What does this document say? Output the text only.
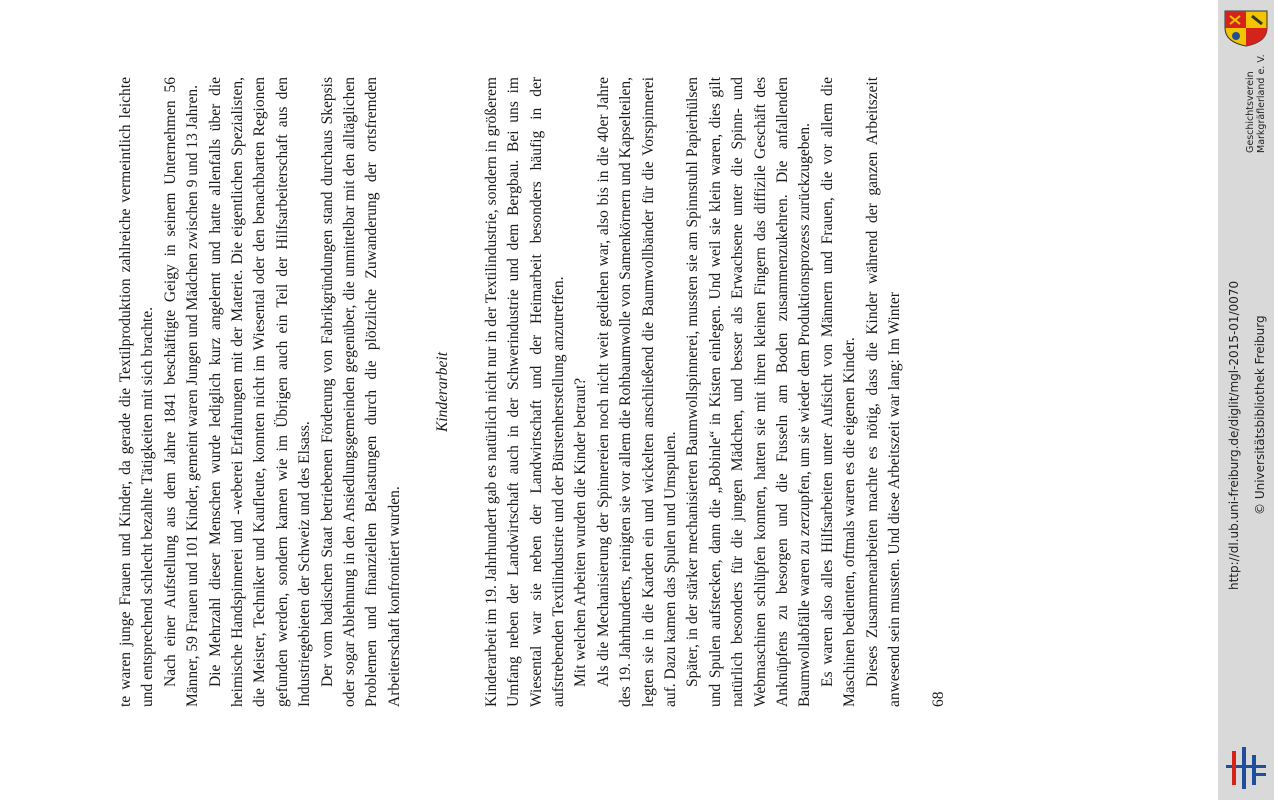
te waren junge Frauen und Kinder, da gerade die Textilproduktion zahlreiche vermeintlich leichte und entsprechend schlecht bezahlte Tätigkeiten mit sich brachte. Nach einer Aufstellung aus dem Jahre 1841 beschäftigte Geigy in seinem Unternehmen 56 Männer, 59 Frauen und 101 Kinder, gemeint waren Jungen und Mädchen zwischen 9 und 13 Jahren. Die Mehrzahl dieser Menschen wurde lediglich kurz angelernt und hatte allenfalls über die heimische Handspinnerei und -weberei Erfahrungen mit der Materie. Die eigentlichen Spezialisten, die Meister, Techniker und Kaufleute, konnten nicht im Wiesental oder den benachbarten Regionen gefunden werden, sondern kamen wie im Übrigen auch ein Teil der Hilfsarbeiterschaft aus den Industriegebieten der Schweiz und des Elsass. Der vom badischen Staat betriebenen Förderung von Fabrikgründungen stand durchaus Skepsis oder sogar Ablehnung in den Ansiedlungsgemeinden gegenüber, die unmittelbar mit den alltäglichen Problemen und finanziellen Belastungen durch die plötzliche Zuwanderung der ortsfremden Arbeiterschaft konfrontiert wurden.

Kinderarbeit Kinderarbeit im 19. Jahrhundert gab es natürlich nicht nur in der Textilindustrie, sondern in größerem Umfang neben der Landwirtschaft auch in der Schwerindustrie und dem Bergbau. Bei uns im Wiesental war sie neben der Landwirtschaft und der Heimarbeit besonders häufig in der aufstrebenden Textilindustrie und der Bürstenherstellung anzutreffen. Mit welchen Arbeiten wurden die Kinder betraut? Als die Mechanisierung der Spinnereien noch nicht weit gediehen war, also bis in die 40er Jahre des 19. Jahrhunderts, reinigten sie vor allem die Rohbaumwolle von Samenkörnern und Kapselteilen, legten sie in die Karden ein und wickelten anschließend die Baumwollbänder für die Vorspinnerei auf. Dazu kamen das Spulen und Umspulen. Später, in der stärker mechanisierten Baumwollspinnerei, mussten sie am Spinnstuhl Papierhülsen und Spulen aufstecken, dann die „Bobinle“ in Kisten einlegen. Und weil sie klein waren, dies gilt natürlich besonders für die jungen Mädchen, und besser als Erwachsene unter die Spinn- und Webmaschinen schlüpfen konnten, hatten sie mit ihren kleinen Fingern das diffizile Geschäft des Anknüpfens zu besorgen und die Fusseln am Boden zusammenzukehren. Die anfallenden Baumwollabfälle waren zu zerzupfen, um sie wieder dem Produktionsprozess zurückzugeben. Es waren also alles Hilfsarbeiten unter Aufsicht von Männern und Frauen, die vor allem die Maschinen bedienten, oftmals waren es die eigenen Kinder. Dieses Zusammenarbeiten machte es nötig, dass die Kinder während der ganzen Arbeitszeit anwesend sein mussten. Und diese Arbeitszeit war lang: Im Winter 68

Geschichtsverein Markgräflerland e. V.
http://dl.ub.uni-freiburg.de/diglit/mgl-2015-01/0070 © Universitätsbibliothek Freiburg
